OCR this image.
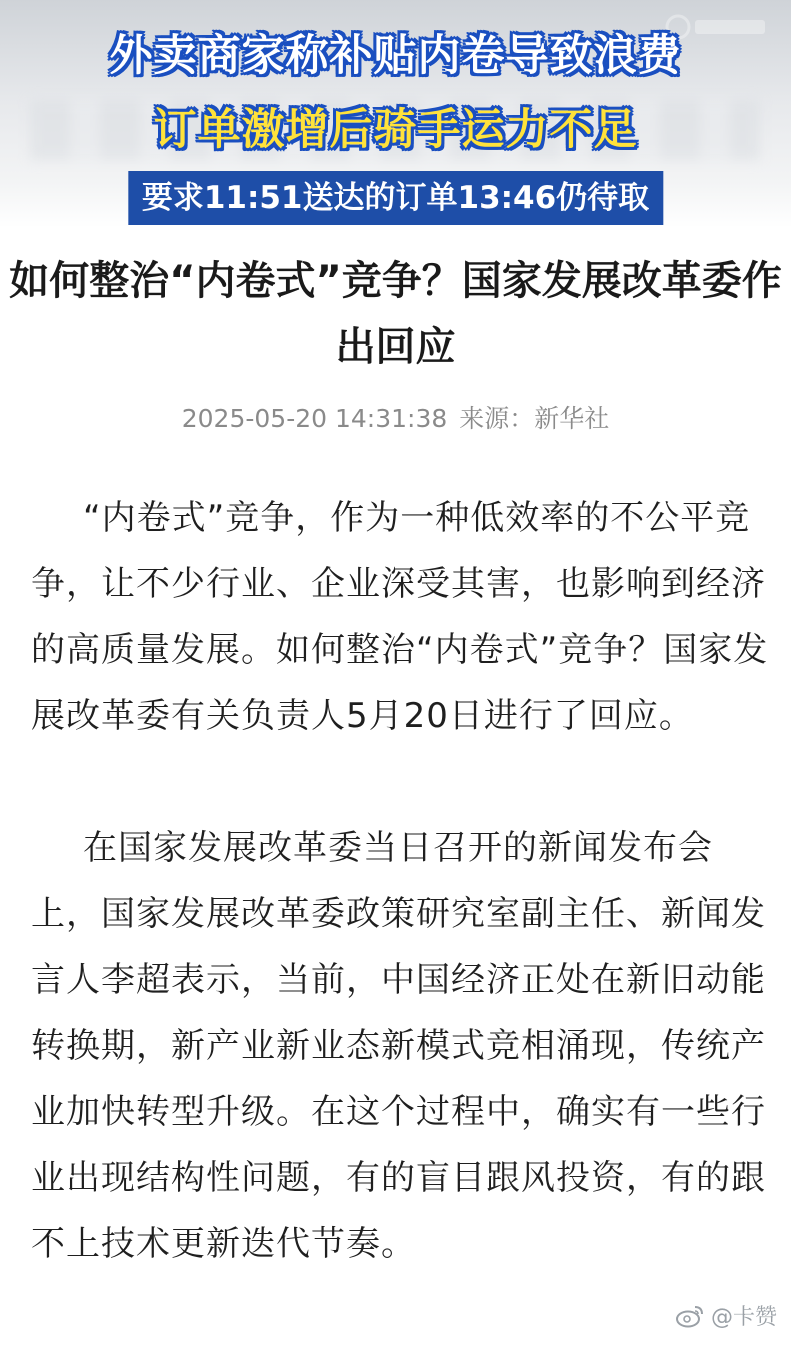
外卖商家称补贴内卷导致浪费
订单激增后骑手运力不足
要求11:51送达的订单13:46仍待取
如何整治“内卷式”竞争？国家发展改革委作出回应
2025-05-20 14:31:38 来源：新华社

“内卷式”竞争，作为一种低效率的不公平竞争，让不少行业、企业深受其害，也影响到经济的高质量发展。如何整治“内卷式”竞争？国家发展改革委有关负责人5月20日进行了回应。

在国家发展改革委当日召开的新闻发布会上，国家发展改革委政策研究室副主任、新闻发言人李超表示，当前，中国经济正处在新旧动能转换期，新产业新业态新模式竞相涌现，传统产业加快转型升级。在这个过程中，确实有一些行业出现结构性问题，有的盲目跟风投资，有的跟不上技术更新迭代节奏。

@卡赞
